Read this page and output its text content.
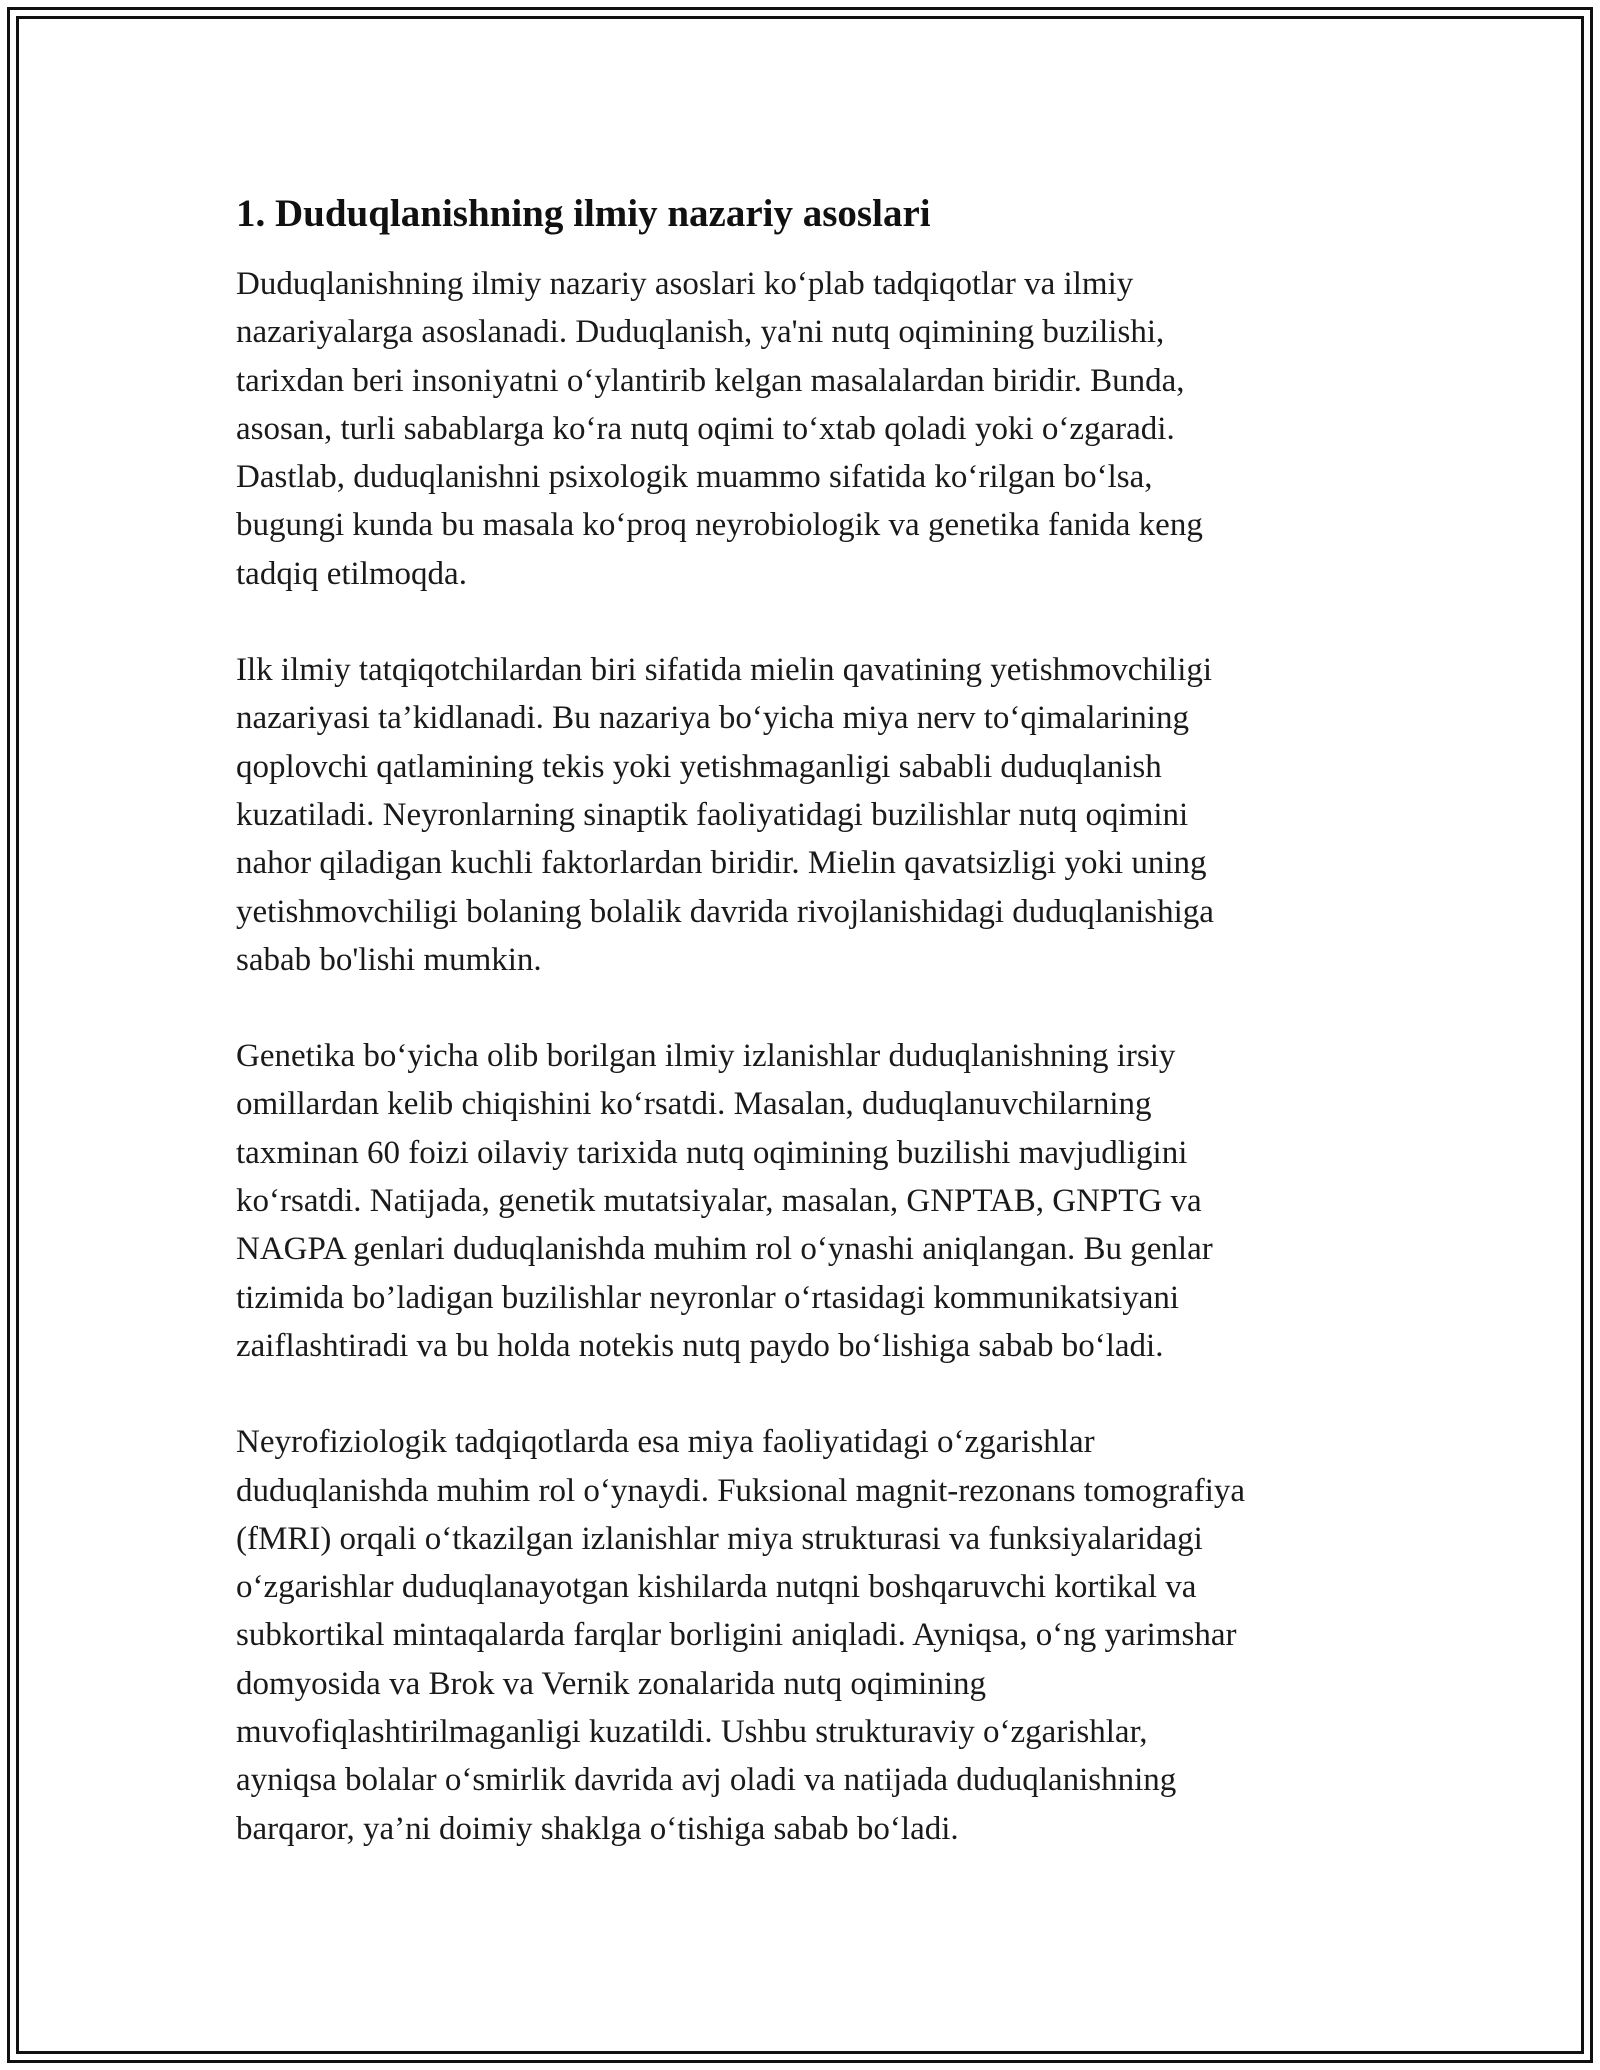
1. Duduqlanishning ilmiy nazariy asoslari
Duduqlanishning ilmiy nazariy asoslari ko‘plab tadqiqotlar va ilmiy
nazariyalarga asoslanadi. Duduqlanish, ya'ni nutq oqimining buzilishi,
tarixdan beri insoniyatni o‘ylantirib kelgan masalalardan biridir. Bunda,
asosan, turli sabablarga ko‘ra nutq oqimi to‘xtab qoladi yoki o‘zgaradi.
Dastlab, duduqlanishni psixologik muammo sifatida ko‘rilgan bo‘lsa,
bugungi kunda bu masala ko‘proq neyrobiologik va genetika fanida keng
tadqiq etilmoqda.
Ilk ilmiy tatqiqotchilardan biri sifatida mielin qavatining yetishmovchiligi
nazariyasi ta’kidlanadi. Bu nazariya bo‘yicha miya nerv to‘qimalarining
qoplovchi qatlamining tekis yoki yetishmaganligi sababli duduqlanish
kuzatiladi. Neyronlarning sinaptik faoliyatidagi buzilishlar nutq oqimini
nahor qiladigan kuchli faktorlardan biridir. Mielin qavatsizligi yoki uning
yetishmovchiligi bolaning bolalik davrida rivojlanishidagi duduqlanishiga
sabab bo'lishi mumkin.
Genetika bo‘yicha olib borilgan ilmiy izlanishlar duduqlanishning irsiy
omillardan kelib chiqishini ko‘rsatdi. Masalan, duduqlanuvchilarning
taxminan 60 foizi oilaviy tarixida nutq oqimining buzilishi mavjudligini
ko‘rsatdi. Natijada, genetik mutatsiyalar, masalan, GNPTAB, GNPTG va
NAGPA genlari duduqlanishda muhim rol o‘ynashi aniqlangan. Bu genlar
tizimida bo’ladigan buzilishlar neyronlar o‘rtasidagi kommunikatsiyani
zaiflashtiradi va bu holda notekis nutq paydo bo‘lishiga sabab bo‘ladi.
Neyrofiziologik tadqiqotlarda esa miya faoliyatidagi o‘zgarishlar
duduqlanishda muhim rol o‘ynaydi. Fuksional magnit-rezonans tomografiya
(fMRI) orqali o‘tkazilgan izlanishlar miya strukturasi va funksiyalaridagi
o‘zgarishlar duduqlanayotgan kishilarda nutqni boshqaruvchi kortikal va
subkortikal mintaqalarda farqlar borligini aniqladi. Ayniqsa, o‘ng yarimshar
domyosida va Brok va Vernik zonalarida nutq oqimining
muvofiqlashtirilmaganligi kuzatildi. Ushbu strukturaviy o‘zgarishlar,
ayniqsa bolalar o‘smirlik davrida avj oladi va natijada duduqlanishning
barqaror, ya’ni doimiy shaklga o‘tishiga sabab bo‘ladi.
